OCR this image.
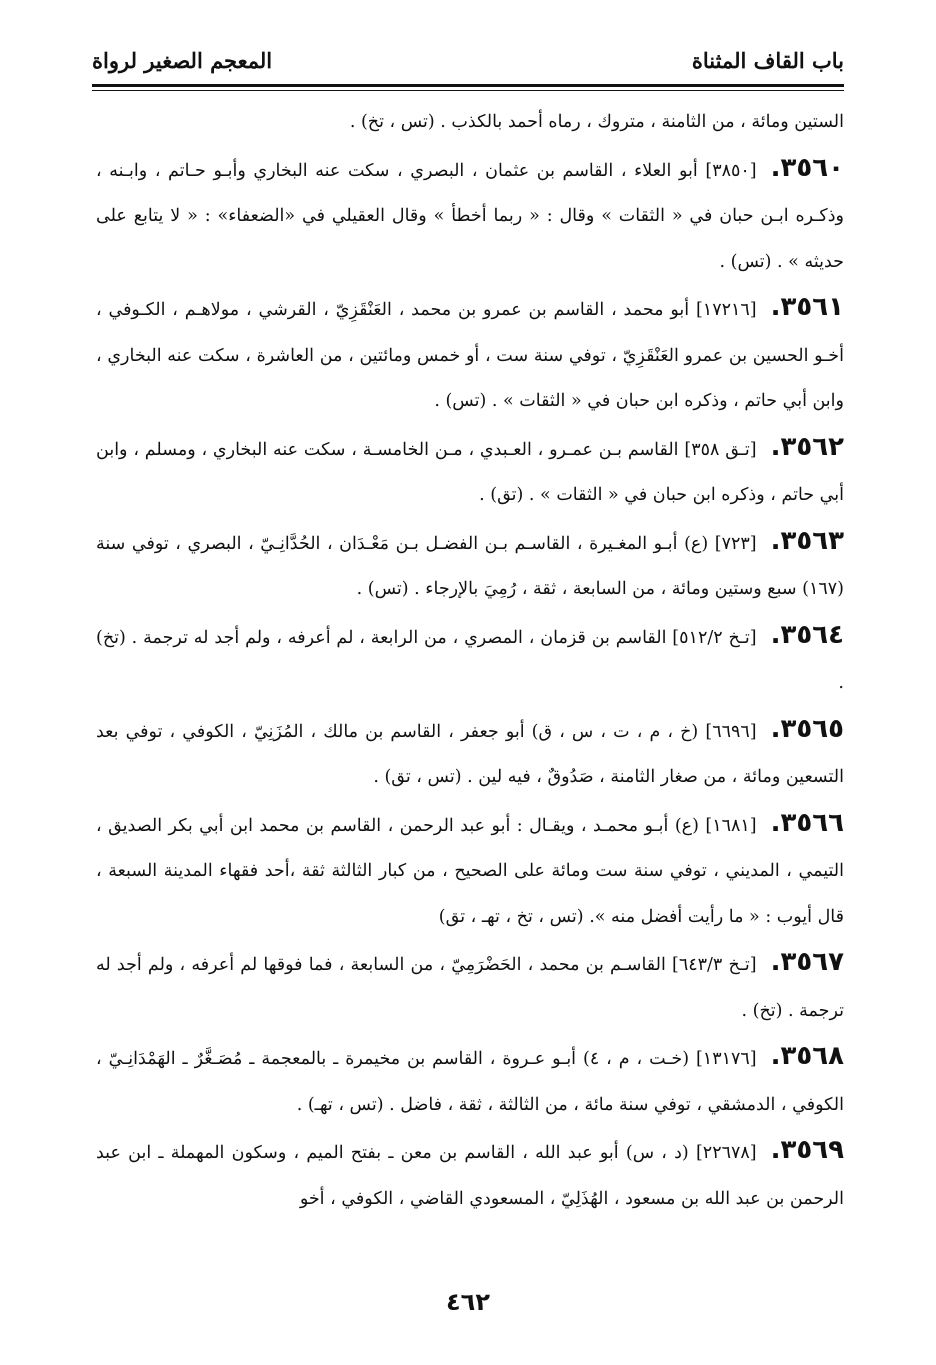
باب القاف المثناة
المعجم الصغير لرواة

الستين ومائة ، من الثامنة ، متروك ، رماه أحمد بالكذب . (تس ، تخ) .

٣٥٦٠.[٣٨٥٠] أبو العلاء ، القاسم بن عثمان ، البصري ، سكت عنه البخاري وأبـو حـاتم ، وابـنه ، وذكـره ابـن حبان في « الثقات » وقال : « ربما أخطأ » وقال العقيلي في «الضعفاء» : « لا يتابع على حديثه » . (تس) .

٣٥٦١.[١٧٢١٦] أبو محمد ، القاسم بن عمرو بن محمد ، العَنْقَزِيّ ، القرشي ، مولاهـم ، الكـوفي ، أخـو الحسين بن عمرو العَنْقَزِيّ ، توفي سنة ست ، أو خمس ومائتين ، من العاشرة ، سكت عنه البخاري ، وابن أبي حاتم ، وذكره ابن حبان في « الثقات » . (تس) .

٣٥٦٢.[تـق ٣٥٨] القاسم بـن عمـرو ، العـبدي ، مـن الخامسـة ، سكت عنه البخاري ، ومسلم ، وابن أبي حاتم ، وذكره ابن حبان في « الثقات » . (تق) .

٣٥٦٣.[٧٢٣] (ع) أبـو المغـيرة ، القاسـم بـن الفضـل بـن مَعْـدَان ، الحُدَّانِـيّ ، البصري ، توفي سنة (١٦٧) سبع وستين ومائة ، من السابعة ، ثقة ، رُمِيَ بالإرجاء . (تس) .

٣٥٦٤.[تـخ ٥١٢/٢] القاسم بن قزمان ، المصري ، من الرابعة ، لم أعرفه ، ولم أجد له ترجمة . (تخ) .

٣٥٦٥.[٦٦٩٦] (خ ، م ، ت ، س ، ق) أبو جعفر ، القاسم بن مالك ، المُزَنِيّ ، الكوفي ، توفي بعد التسعين ومائة ، من صغار الثامنة ، صَدُوقٌ ، فيه لين . (تس ، تق) .

٣٥٦٦.[١٦٨١] (ع) أبـو محمـد ، ويقـال : أبو عبد الرحمن ، القاسم بن محمد ابن أبي بكر الصديق ، التيمي ، المديني ، توفي سنة ست ومائة على الصحيح ، من كبار الثالثة ثقة ،أحد فقهاء المدينة السبعة ، قال أيوب : « ما رأيت أفضل منه ». (تس ، تخ ، تهـ ، تق)

٣٥٦٧.[تـخ ٦٤٣/٣] القاسـم بن محمد ، الحَضْرَمِيّ ، من السابعة ، فما فوقها لم أعرفه ، ولم أجد له ترجمة . (تخ) .

٣٥٦٨.[١٣١٧٦] (خـت ، م ، ٤) أبـو عـروة ، القاسم بن مخيمرة ـ بالمعجمة ـ مُصَـغَّرٌ ـ الهَمْدَانِـيّ ، الكوفي ، الدمشقي ، توفي سنة مائة ، من الثالثة ، ثقة ، فاضل . (تس ، تهـ) .

٣٥٦٩.[٢٢٦٧٨] (د ، س) أبو عبد الله ، القاسم بن معن ـ بفتح الميم ، وسكون المهملة ـ ابن عبد الرحمن بن عبد الله بن مسعود ، الهُذَلِيّ ، المسعودي القاضي ، الكوفي ، أخو

٤٦٢
